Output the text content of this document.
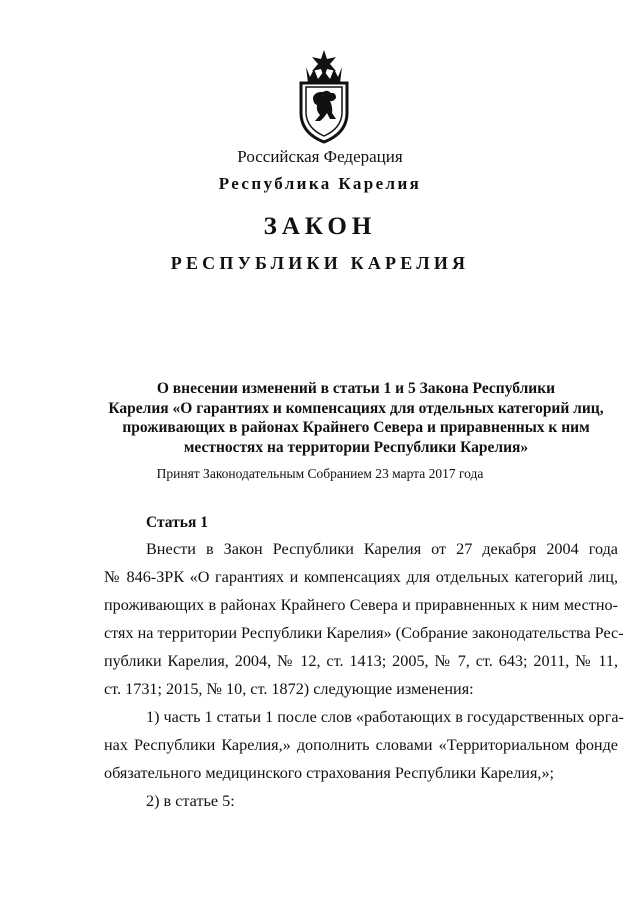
Российская Федерация
Республика Карелия
ЗАКОН
РЕСПУБЛИКИ КАРЕЛИЯ
О внесении изменений в статьи 1 и 5 Закона Республики
Карелия «О гарантиях и компенсациях для отдельных категорий лиц,
проживающих в районах Крайнего Севера и приравненных к ним
местностях на территории Республики Карелия»
Принят Законодательным Собранием 23 марта 2017 года
Статья 1
Внести в Закон Республики Карелия от 27 декабря 2004 года
№ 846-ЗРК «О гарантиях и компенсациях для отдельных категорий лиц,
проживающих в районах Крайнего Севера и приравненных к ним местно-
стях на территории Республики Карелия» (Собрание законодательства Рес-
публики Карелия, 2004, № 12, ст. 1413; 2005, № 7, ст. 643; 2011, № 11,
ст. 1731; 2015, № 10, ст. 1872) следующие изменения:
1) часть 1 статьи 1 после слов «работающих в государственных орга-
нах Республики Карелия,» дополнить словами «Территориальном фонде
обязательного медицинского страхования Республики Карелия,»;
2) в статье 5:
